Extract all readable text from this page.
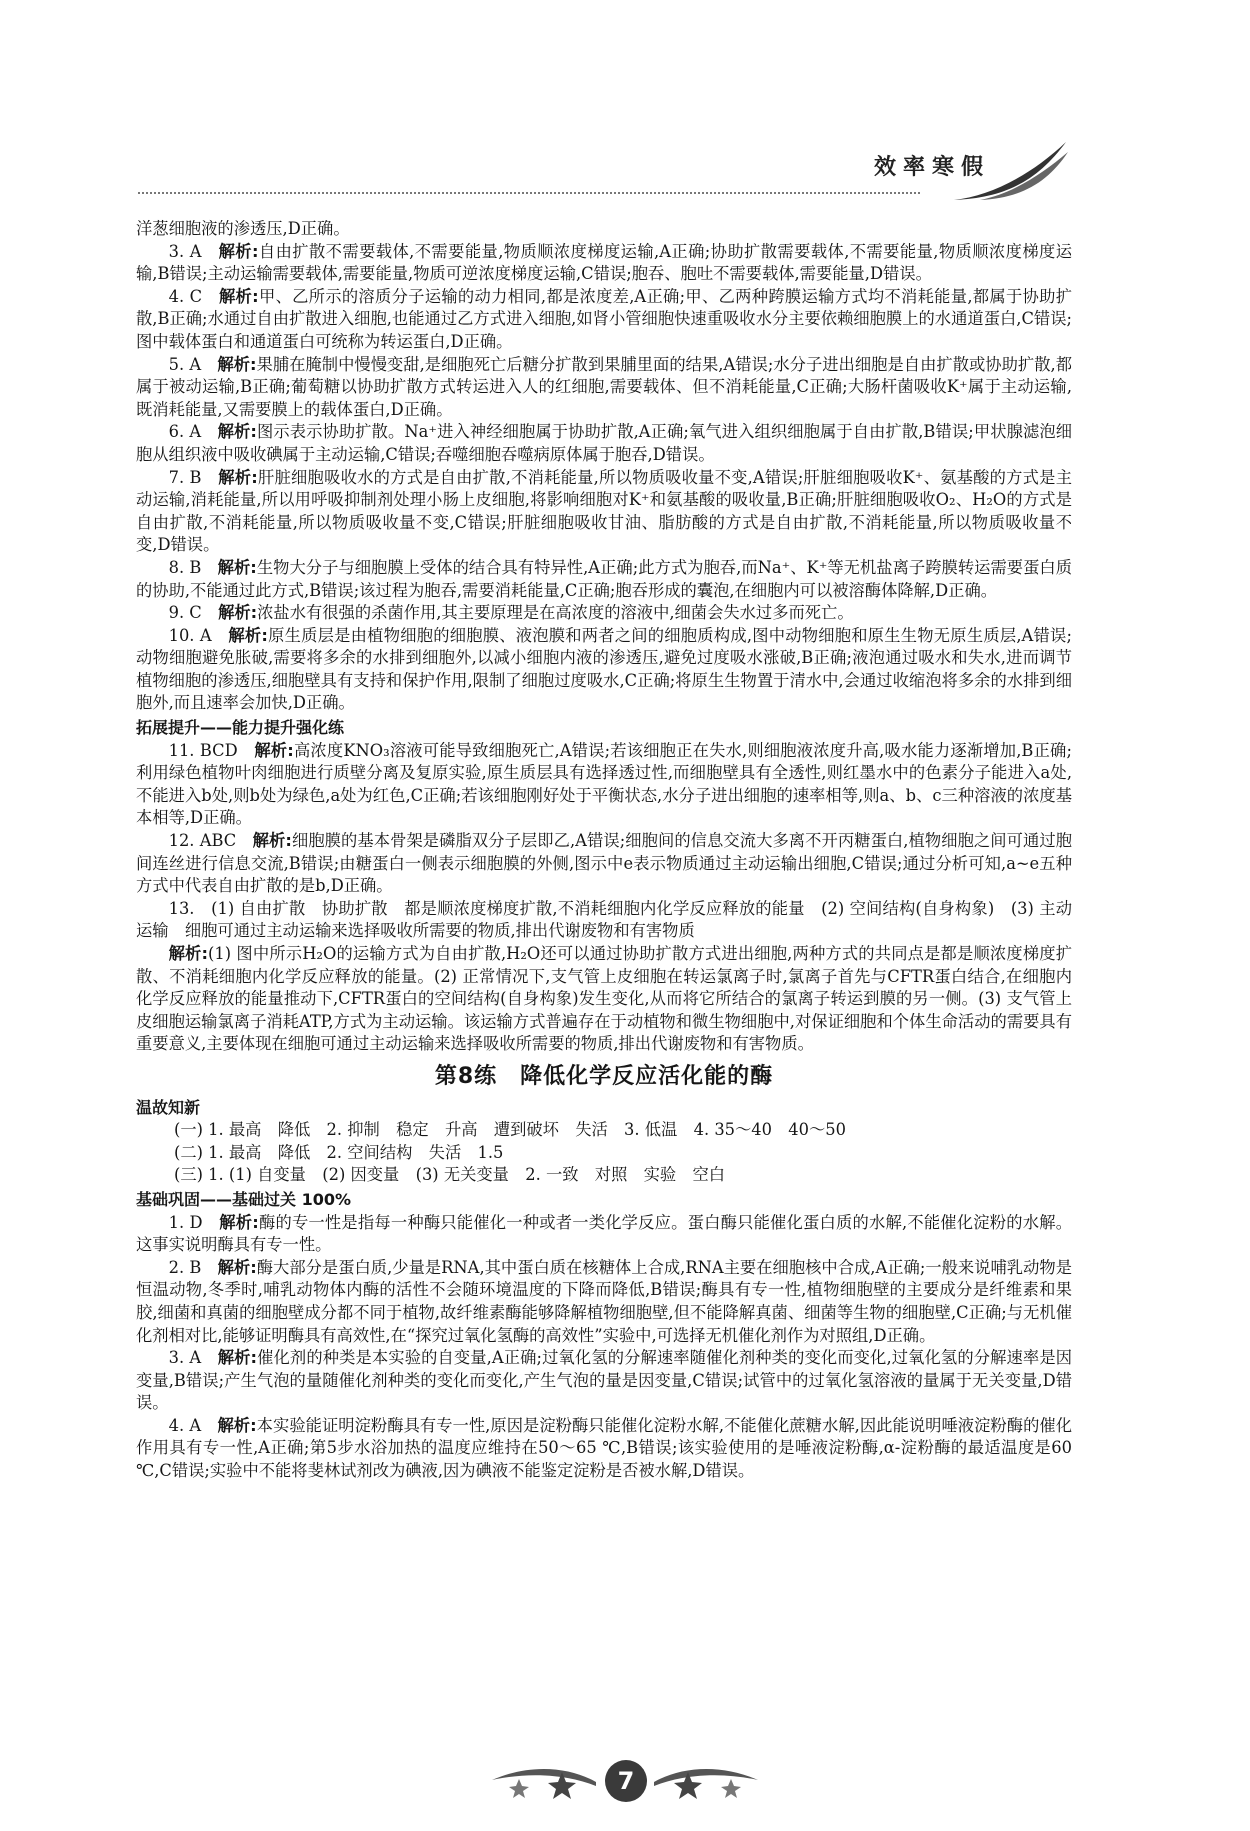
效率寒假

洋葱细胞液的渗透压,D正确。

3. A　 解析:自由扩散不需要载体,不需要能量,物质顺浓度梯度运输,A正确;协助扩散需要载体,不需要能量,物质顺浓度梯度运输,B错误;主动运输需要载体,需要能量,物质可逆浓度梯度运输,C错误;胞吞、胞吐不需要载体,需要能量,D错误。

4. C　 解析:甲、乙所示的溶质分子运输的动力相同,都是浓度差,A正确;甲、乙两种跨膜运输方式均不消耗能量,都属于协助扩散,B正确;水通过自由扩散进入细胞,也能通过乙方式进入细胞,如肾小管细胞快速重吸收水分主要依赖细胞膜上的水通道蛋白,C错误;图中载体蛋白和通道蛋白可统称为转运蛋白,D正确。

5. A　 解析:果脯在腌制中慢慢变甜,是细胞死亡后糖分扩散到果脯里面的结果,A错误;水分子进出细胞是自由扩散或协助扩散,都属于被动运输,B正确;葡萄糖以协助扩散方式转运进入人的红细胞,需要载体、但不消耗能量,C正确;大肠杆菌吸收K⁺属于主动运输,既消耗能量,又需要膜上的载体蛋白,D正确。

6. A　 解析:图示表示协助扩散。Na⁺进入神经细胞属于协助扩散,A正确;氧气进入组织细胞属于自由扩散,B错误;甲状腺滤泡细胞从组织液中吸收碘属于主动运输,C错误;吞噬细胞吞噬病原体属于胞吞,D错误。

7. B　 解析:肝脏细胞吸收水的方式是自由扩散,不消耗能量,所以物质吸收量不变,A错误;肝脏细胞吸收K⁺、氨基酸的方式是主动运输,消耗能量,所以用呼吸抑制剂处理小肠上皮细胞,将影响细胞对K⁺和氨基酸的吸收量,B正确;肝脏细胞吸收O₂、H₂O的方式是自由扩散,不消耗能量,所以物质吸收量不变,C错误;肝脏细胞吸收甘油、脂肪酸的方式是自由扩散,不消耗能量,所以物质吸收量不变,D错误。

8. B　 解析:生物大分子与细胞膜上受体的结合具有特异性,A正确;此方式为胞吞,而Na⁺、K⁺等无机盐离子跨膜转运需要蛋白质的协助,不能通过此方式,B错误;该过程为胞吞,需要消耗能量,C正确;胞吞形成的囊泡,在细胞内可以被溶酶体降解,D正确。

9. C　 解析:浓盐水有很强的杀菌作用,其主要原理是在高浓度的溶液中,细菌会失水过多而死亡。

10. A　 解析:原生质层是由植物细胞的细胞膜、液泡膜和两者之间的细胞质构成,图中动物细胞和原生生物无原生质层,A错误;动物细胞避免胀破,需要将多余的水排到细胞外,以减小细胞内液的渗透压,避免过度吸水涨破,B正确;液泡通过吸水和失水,进而调节植物细胞的渗透压,细胞壁具有支持和保护作用,限制了细胞过度吸水,C正确;将原生生物置于清水中,会通过收缩泡将多余的水排到细胞外,而且速率会加快,D正确。

拓展提升——能力提升强化练

11. BCD　 解析:高浓度KNO₃溶液可能导致细胞死亡,A错误;若该细胞正在失水,则细胞液浓度升高,吸水能力逐渐增加,B正确;利用绿色植物叶肉细胞进行质壁分离及复原实验,原生质层具有选择透过性,而细胞壁具有全透性,则红墨水中的色素分子能进入a处,不能进入b处,则b处为绿色,a处为红色,C正确;若该细胞刚好处于平衡状态,水分子进出细胞的速率相等,则a、b、c三种溶液的浓度基本相等,D正确。

12. ABC　 解析:细胞膜的基本骨架是磷脂双分子层即乙,A错误;细胞间的信息交流大多离不开丙糖蛋白,植物细胞之间可通过胞间连丝进行信息交流,B错误;由糖蛋白一侧表示细胞膜的外侧,图示中e表示物质通过主动运输出细胞,C错误;通过分析可知,a~e五种方式中代表自由扩散的是b,D正确。

13.　 (1) 自由扩散　协助扩散　都是顺浓度梯度扩散,不消耗细胞内化学反应释放的能量　(2) 空间结构(自身构象)　(3) 主动运输　细胞可通过主动运输来选择吸收所需要的物质,排出代谢废物和有害物质

解析:(1) 图中所示H₂O的运输方式为自由扩散,H₂O还可以通过协助扩散方式进出细胞,两种方式的共同点是都是顺浓度梯度扩散、不消耗细胞内化学反应释放的能量。(2) 正常情况下,支气管上皮细胞在转运氯离子时,氯离子首先与CFTR蛋白结合,在细胞内化学反应释放的能量推动下,CFTR蛋白的空间结构(自身构象)发生变化,从而将它所结合的氯离子转运到膜的另一侧。(3) 支气管上皮细胞运输氯离子消耗ATP,方式为主动运输。该运输方式普遍存在于动植物和微生物细胞中,对保证细胞和个体生命活动的需要具有重要意义,主要体现在细胞可通过主动运输来选择吸收所需要的物质,排出代谢废物和有害物质。

第8练　降低化学反应活化能的酶
温故知新

(一) 1. 最高　降低　2. 抑制　稳定　升高　遭到破坏　失活　3. 低温　4. 35～40　40～50

(二) 1. 最高　降低　2. 空间结构　失活　1.5

(三) 1. (1) 自变量　(2) 因变量　(3) 无关变量　2. 一致　对照　实验　空白

基础巩固——基础过关 100%

1. D　 解析:酶的专一性是指每一种酶只能催化一种或者一类化学反应。蛋白酶只能催化蛋白质的水解,不能催化淀粉的水解。这事实说明酶具有专一性。

2. B　 解析:酶大部分是蛋白质,少量是RNA,其中蛋白质在核糖体上合成,RNA主要在细胞核中合成,A正确;一般来说哺乳动物是恒温动物,冬季时,哺乳动物体内酶的活性不会随环境温度的下降而降低,B错误;酶具有专一性,植物细胞壁的主要成分是纤维素和果胶,细菌和真菌的细胞壁成分都不同于植物,故纤维素酶能够降解植物细胞壁,但不能降解真菌、细菌等生物的细胞壁,C正确;与无机催化剂相对比,能够证明酶具有高效性,在“探究过氧化氢酶的高效性”实验中,可选择无机催化剂作为对照组,D正确。

3. A　 解析:催化剂的种类是本实验的自变量,A正确;过氧化氢的分解速率随催化剂种类的变化而变化,过氧化氢的分解速率是因变量,B错误;产生气泡的量随催化剂种类的变化而变化,产生气泡的量是因变量,C错误;试管中的过氧化氢溶液的量属于无关变量,D错误。

4. A　 解析:本实验能证明淀粉酶具有专一性,原因是淀粉酶只能催化淀粉水解,不能催化蔗糖水解,因此能说明唾液淀粉酶的催化作用具有专一性,A正确;第5步水浴加热的温度应维持在50～65 ℃,B错误;该实验使用的是唾液淀粉酶,α-淀粉酶的最适温度是60 ℃,C错误;实验中不能将斐林试剂改为碘液,因为碘液不能鉴定淀粉是否被水解,D错误。

7
